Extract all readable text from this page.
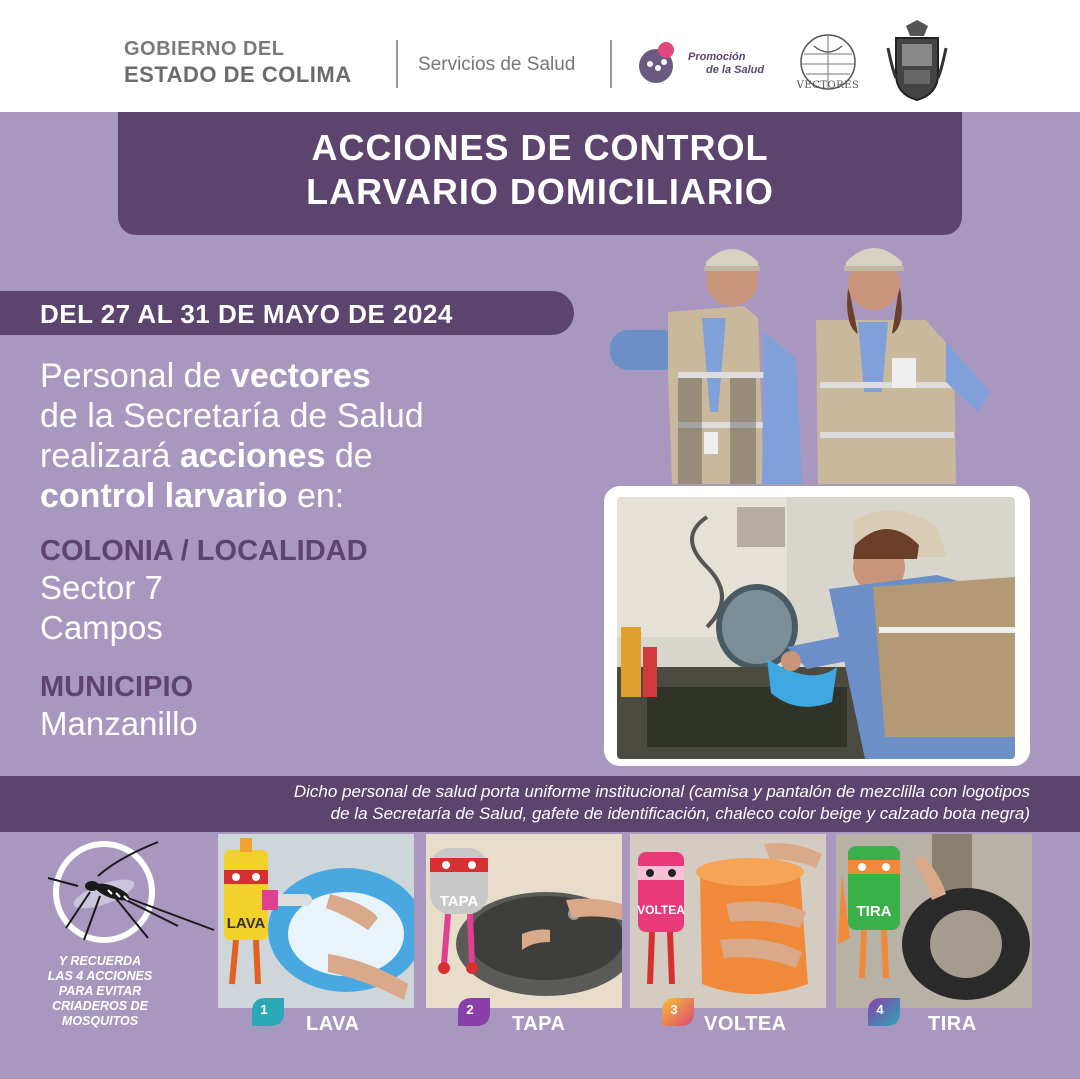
GOBIERNO DEL
ESTADO DE COLIMA	Servicios de Salud	Promoción
de la Salud
VECTORES
ACCIONES DE CONTROL
LARVARIO DOMICILIARIO
DEL 27 AL 31 DE MAYO DE 2024
Personal de vectores
de la Secretaría de Salud
realizará acciones de
control larvario en:
COLONIA / LOCALIDAD
Sector 7
Campos
MUNICIPIO
Manzanillo
Dicho personal de salud porta uniforme institucional (camisa y pantalón de mezclilla con logotipos
de la Secretaría de Salud, gafete de identificación, chaleco color beige y calzado bota negra)
Y RECUERDA
LAS 4 ACCIONES
PARA EVITAR
CRIADEROS DE
MOSQUITOS
LAVA
1
LAVA
TAPA
2
TAPA
VOLTEA
3
VOLTEA
TIRA
4
TIRA
